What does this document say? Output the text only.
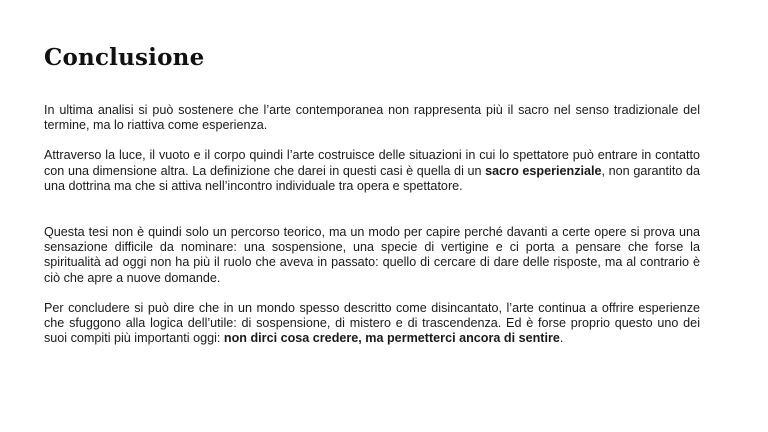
Conclusione

In ultima analisi si può sostenere che l’arte contemporanea non rappresenta più il sacro nel senso tradizionale del termine, ma lo riattiva come esperienza.

Attraverso la luce, il vuoto e il corpo quindi l’arte costruisce delle situazioni in cui lo spettatore può entrare in contatto con una dimensione altra. La definizione che darei in questi casi è quella di un sacro esperienziale, non garantito da una dottrina ma che si attiva nell’incontro individuale tra opera e spettatore.

Questa tesi non è quindi solo un percorso teorico, ma un modo per capire perché davanti a certe opere si prova una sensazione difficile da nominare: una sospensione, una specie di vertigine e ci porta a pensare che forse la spiritualità ad oggi non ha più il ruolo che aveva in passato: quello di cercare di dare delle risposte, ma al contrario è ciò che apre a nuove domande.

Per concludere si può dire che in un mondo spesso descritto come disincantato, l’arte continua a offrire esperienze che sfuggono alla logica dell’utile: di sospensione, di mistero e di trascendenza. Ed è forse proprio questo uno dei suoi compiti più importanti oggi: non dirci cosa credere, ma permetterci ancora di sentire.
